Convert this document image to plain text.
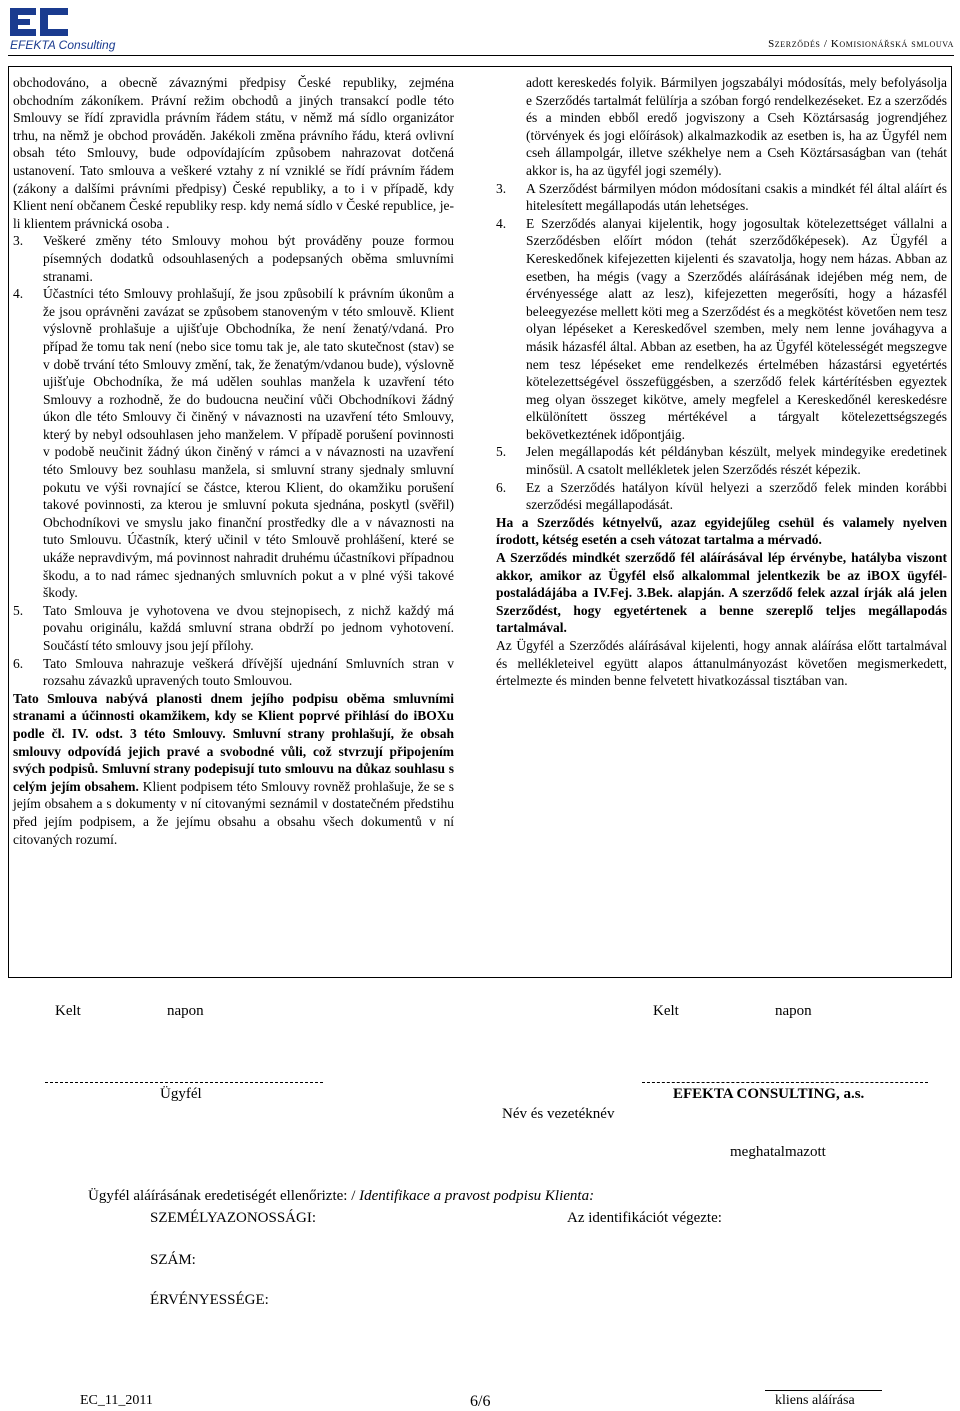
EFEKTA Consulting	Szerződés / Komisionářská smlouva

obchodováno, a obecně závaznými předpisy České republiky, zejména obchodním zákoníkem. Právní režim obchodů a jiných transakcí podle této Smlouvy se řídí zpravidla právním řádem státu, v němž má sídlo organizátor trhu, na němž je obchod prováděn. Jakékoli změna právního řádu, která ovlivní obsah této Smlouvy, bude odpovídajícím způsobem nahrazovat dotčená ustanovení. Tato smlouva a veškeré vztahy z ní vzniklé se řídí právním řádem (zákony a dalšími právními předpisy) České republiky, a to i v případě, kdy Klient není občanem České republiky resp. kdy nemá sídlo v České republice, je-li klientem právnická osoba .

3.	Veškeré změny této Smlouvy mohou být prováděny pouze formou písemných dodatků odsouhlasených a podepsaných oběma smluvními stranami.
4.	Účastníci této Smlouvy prohlašují, že jsou způsobilí k právním úkonům a že jsou oprávněni zavázat se způsobem stanoveným v této smlouvě. Klient výslovně prohlašuje a ujišťuje Obchodníka, že není ženatý/vdaná. Pro případ že tomu tak není (nebo sice tomu tak je, ale tato skutečnost (stav) se v době trvání této Smlouvy změní, tak, že ženatým/vdanou bude), výslovně ujišťuje Obchodníka, že má udělen souhlas manžela k uzavření této Smlouvy a rozhodně, že do budoucna neučiní vůči Obchodníkovi žádný úkon dle této Smlouvy či činěný v návaznosti na uzavření této Smlouvy, který by nebyl odsouhlasen jeho manželem. V případě porušení povinnosti v podobě neučinit žádný úkon činěný v rámci a v návaznosti na uzavření této Smlouvy bez souhlasu manžela, si smluvní strany sjednaly smluvní pokutu ve výši rovnající se částce, kterou Klient, do okamžiku porušení takové povinnosti, za kterou je smluvní pokuta sjednána, poskytl (svěřil) Obchodníkovi ve smyslu jako finanční prostředky dle a v návaznosti na tuto Smlouvu. Účastník, který učinil v této Smlouvě prohlášení, které se ukáže nepravdivým, má povinnost nahradit druhému účastníkovi případnou škodu, a to nad rámec sjednaných smluvních pokut a v plné výši takové škody.
5.	Tato Smlouva je vyhotovena ve dvou stejnopisech, z nichž každý má povahu originálu, každá smluvní strana obdrží po jednom vyhotovení. Součástí této smlouvy jsou její přílohy.
6.	Tato Smlouva nahrazuje veškerá dřívější ujednání Smluvních stran v rozsahu závazků upravených touto Smlouvou.

Tato Smlouva nabývá planosti dnem jejího podpisu oběma smluvními stranami a účinnosti okamžikem, kdy se Klient poprvé přihlásí do iBOXu podle čl. IV. odst. 3 této Smlouvy. Smluvní strany prohlašují, že obsah smlouvy odpovídá jejich pravé a svobodné vůli, což stvrzují připojením svých podpisů. Smluvní strany podepisují tuto smlouvu na důkaz souhlasu s celým jejím obsahem. Klient podpisem této Smlouvy rovněž prohlašuje, že se s jejím obsahem a s dokumenty v ní citovanými seznámil v dostatečném předstihu před jejím podpisem, a že jejímu obsahu a obsahu všech dokumentů v ní citovaných rozumí.

adott kereskedés folyik. Bármilyen jogszabályi módosítás, mely befolyásolja e Szerződés tartalmát felülírja a szóban forgó rendelkezéseket. Ez a szerződés és a minden ebből eredő jogviszony a Cseh Köztársaság jogrendjéhez (törvények és jogi előírások) alkalmazkodik az esetben is, ha az Ügyfél nem cseh állampolgár, illetve székhelye nem a Cseh Köztársaságban van (tehát akkor is, ha az ügyfél jogi személy).

3.	A Szerződést bármilyen módon módosítani csakis a mindkét fél által aláírt és hitelesített megállapodás után lehetséges.
4.	E Szerződés alanyai kijelentik, hogy jogosultak kötelezettséget vállalni a Szerződésben előírt módon (tehát szerződőképesek). Az Ügyfél a Kereskedőnek kifejezetten kijelenti és szavatolja, hogy nem házas. Abban az esetben, ha mégis (vagy a Szerződés aláírásának idejében még nem, de érvényessége alatt az lesz), kifejezetten megerősíti, hogy a házasfél beleegyezése mellett köti meg a Szerződést és a megkötést követően nem tesz olyan lépéseket a Kereskedővel szemben, mely nem lenne jováhagyva a másik házasfél által. Abban az esetben, ha az Ügyfél kötelességét megszegve nem tesz lépéseket eme rendelkezés értelmében házastársi egyetértés kötelezettségével összefüggésben, a szerződő felek kártérítésben egyeztek meg olyan összeget kikötve, amely megfelel a Kereskedőnél kereskedésre elkülönített összeg mértékével a tárgyalt kötelezettségszegés bekövetkeztének időpontjáig.
5.	Jelen megállapodás két példányban készült, melyek mindegyike eredetinek minősül. A csatolt mellékletek jelen Szerződés részét képezik.
6.	Ez a Szerződés hatályon kívül helyezi a szerződő felek minden korábbi szerződési megállapodását.

Ha a Szerződés kétnyelvű, azaz egyidejűleg csehül és valamely nyelven írodott, kétség esetén a cseh vátozat tartalma a mérvadó.

A Szerződés mindkét szerződő fél aláírásával lép érvénybe, hatályba viszont akkor, amikor az Ügyfél első alkalommal jelentkezik be az iBOX ügyfél-postaládájába a IV.Fej. 3.Bek. alapján. A szerződő felek azzal írják alá jelen Szerződést, hogy egyetértenek a benne szereplő teljes megállapodás tartalmával.

Az Ügyfél a Szerződés aláírásával kijelenti, hogy annak aláírása előtt tartalmával és mellékleteivel együtt alapos áttanulmányozást követően megismerkedett, értelmezte és minden benne felvetett hivatkozással tisztában van.

Kelt	napon	Kelt	napon
Ügyfél
Név és vezetéknév
EFEKTA CONSULTING, a.s.
meghatalmazott
Ügyfél aláírásának eredetiségét ellenőrizte: / Identifikace a pravost podpisu Klienta:
SZEMÉLYAZONOSSÁGI:	Az identifikációt végezte:
SZÁM:
ÉRVÉNYESSÉGE:
EC_11_2011	6/6	kliens aláírása
